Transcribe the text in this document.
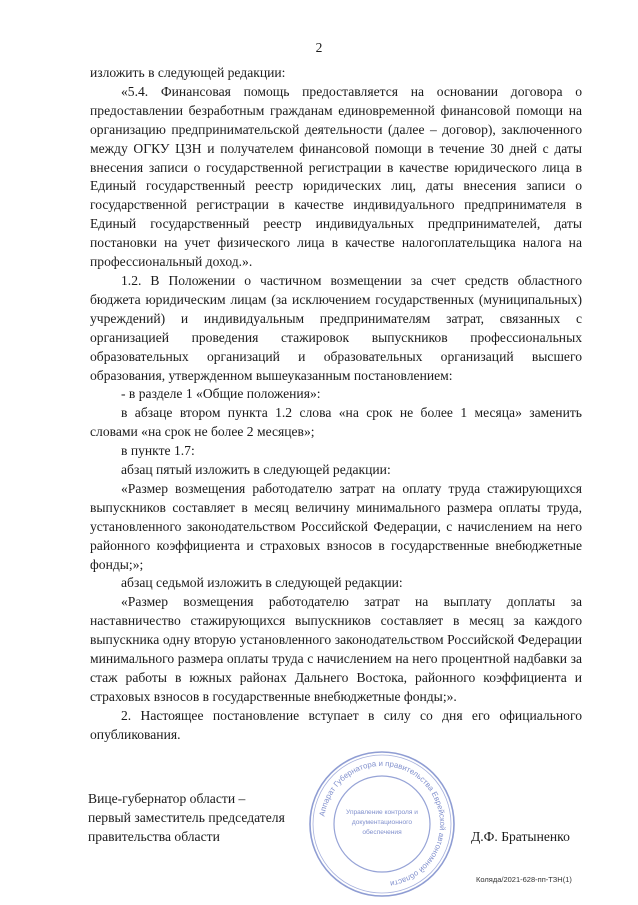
2

изложить в следующей редакции:

«5.4. Финансовая помощь предоставляется на основании договора о предоставлении безработным гражданам единовременной финансовой помощи на организацию предпринимательской деятельности (далее – договор), заключенного между ОГКУ ЦЗН и получателем финансовой помощи в течение 30 дней с даты внесения записи о государственной регистрации в качестве юридического лица в Единый государственный реестр юридических лиц, даты внесения записи о государственной регистрации в качестве индивидуального предпринимателя в Единый государственный реестр индивидуальных предпринимателей, даты постановки на учет физического лица в качестве налогоплательщика налога на профессиональный доход.».

1.2. В Положении о частичном возмещении за счет средств областного бюджета юридическим лицам (за исключением государственных (муниципальных) учреждений) и индивидуальным предпринимателям затрат, связанных с организацией проведения стажировок выпускников профессиональных образовательных организаций и образовательных организаций высшего образования, утвержденном вышеуказанным постановлением:

- в разделе 1 «Общие положения»:

в абзаце втором пункта 1.2 слова «на срок не более 1 месяца» заменить словами «на срок не более 2 месяцев»;

в пункте 1.7:

абзац пятый изложить в следующей редакции:

«Размер возмещения работодателю затрат на оплату труда стажирующихся выпускников составляет в месяц величину минимального размера оплаты труда, установленного законодательством Российской Федерации, с начислением на него районного коэффициента и страховых взносов в государственные внебюджетные фонды;»;

абзац седьмой изложить в следующей редакции:

«Размер возмещения работодателю затрат на выплату доплаты за наставничество стажирующихся выпускников составляет в месяц за каждого выпускника одну вторую установленного законодательством Российской Федерации минимального размера оплаты труда с начислением на него процентной надбавки за стаж работы в южных районах Дальнего Востока, районного коэффициента и страховых взносов в государственные внебюджетные фонды;».

2. Настоящее постановление вступает в силу со дня его официального опубликования.

Вице-губернатор области –
первый заместитель председателя
правительства области
Аппарат Губернатора и правительства Еврейской автономной области
Управление контроля и
документационного
обеспечения	Д.Ф. Братыненко
Коляда/2021-628-пп-ТЗН(1)
